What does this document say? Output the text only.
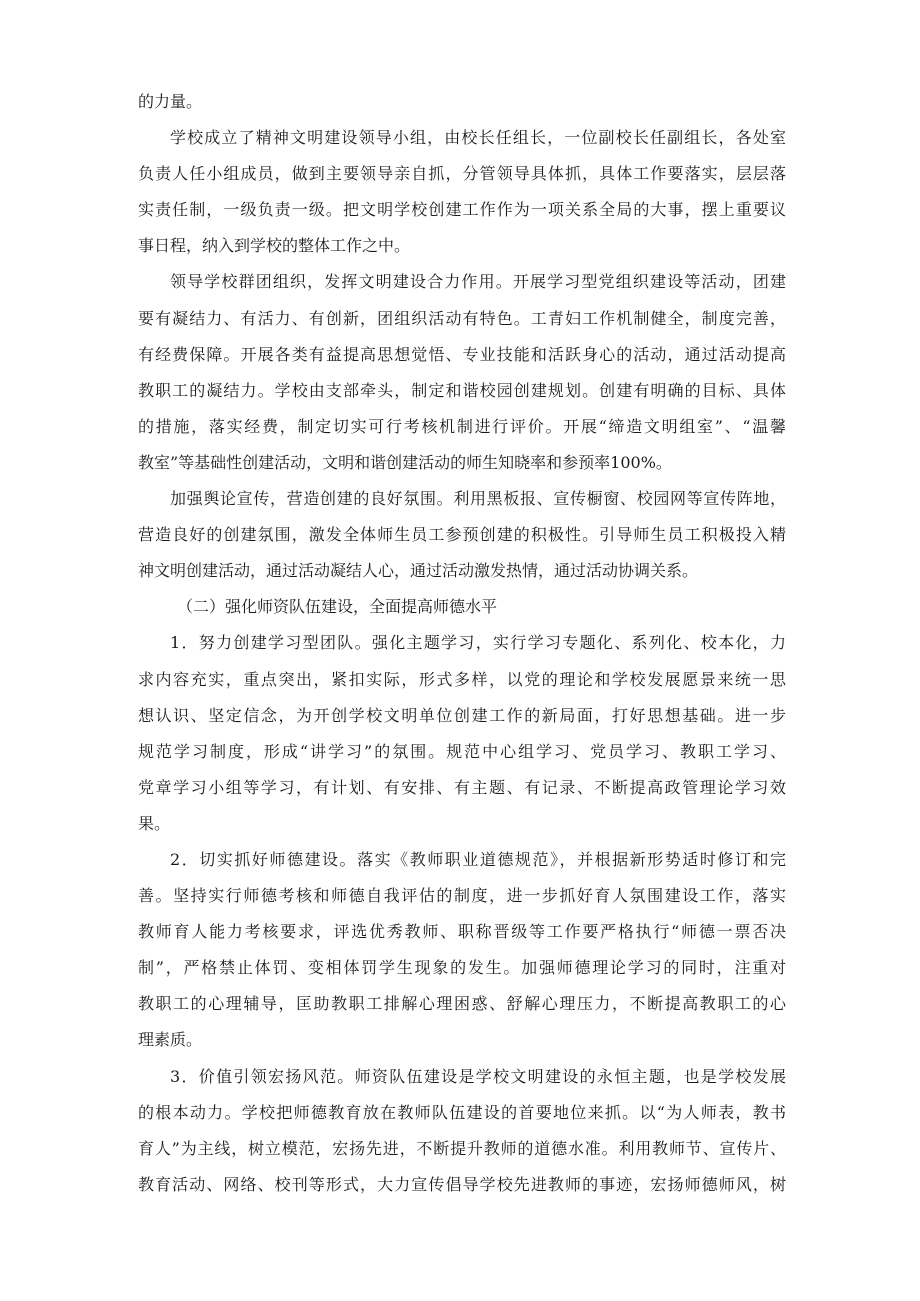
的力量。
学校成立了精神文明建设领导小组，由校长任组长，一位副校长任副组长，各处室
负责人任小组成员，做到主要领导亲自抓，分管领导具体抓，具体工作要落实，层层落
实责任制，一级负责一级。把文明学校创建工作作为一项关系全局的大事，摆上重要议
事日程，纳入到学校的整体工作之中。
领导学校群团组织，发挥文明建设合力作用。开展学习型党组织建设等活动，团建
要有凝结力、有活力、有创新，团组织活动有特色。工青妇工作机制健全，制度完善，
有经费保障。开展各类有益提高思想觉悟、专业技能和活跃身心的活动，通过活动提高
教职工的凝结力。学校由支部牵头，制定和谐校园创建规划。创建有明确的目标、具体
的措施，落实经费，制定切实可行考核机制进行评价。开展“缔造文明组室”、“温馨
教室”等基础性创建活动，文明和谐创建活动的师生知晓率和参预率100%。
加强舆论宣传，营造创建的良好氛围。利用黑板报、宣传橱窗、校园网等宣传阵地，
营造良好的创建氛围，激发全体师生员工参预创建的积极性。引导师生员工积极投入精
神文明创建活动，通过活动凝结人心，通过活动激发热情，通过活动协调关系。
（二）强化师资队伍建设，全面提高师德水平
1．努力创建学习型团队。强化主题学习，实行学习专题化、系列化、校本化，力
求内容充实，重点突出，紧扣实际，形式多样，以党的理论和学校发展愿景来统一思
想认识、坚定信念，为开创学校文明单位创建工作的新局面，打好思想基础。进一步
规范学习制度，形成“讲学习”的氛围。规范中心组学习、党员学习、教职工学习、
党章学习小组等学习，有计划、有安排、有主题、有记录、不断提高政管理论学习效
果。
2．切实抓好师德建设。落实《教师职业道德规范》，并根据新形势适时修订和完
善。坚持实行师德考核和师德自我评估的制度，进一步抓好育人氛围建设工作，落实
教师育人能力考核要求，评选优秀教师、职称晋级等工作要严格执行“师德一票否决
制”，严格禁止体罚、变相体罚学生现象的发生。加强师德理论学习的同时，注重对
教职工的心理辅导，匡助教职工排解心理困惑、舒解心理压力，不断提高教职工的心
理素质。
3．价值引领宏扬风范。师资队伍建设是学校文明建设的永恒主题，也是学校发展
的根本动力。学校把师德教育放在教师队伍建设的首要地位来抓。以“为人师表，教书
育人”为主线，树立模范，宏扬先进，不断提升教师的道德水准。利用教师节、宣传片、
教育活动、网络、校刊等形式，大力宣传倡导学校先进教师的事迹，宏扬师德师风，树
